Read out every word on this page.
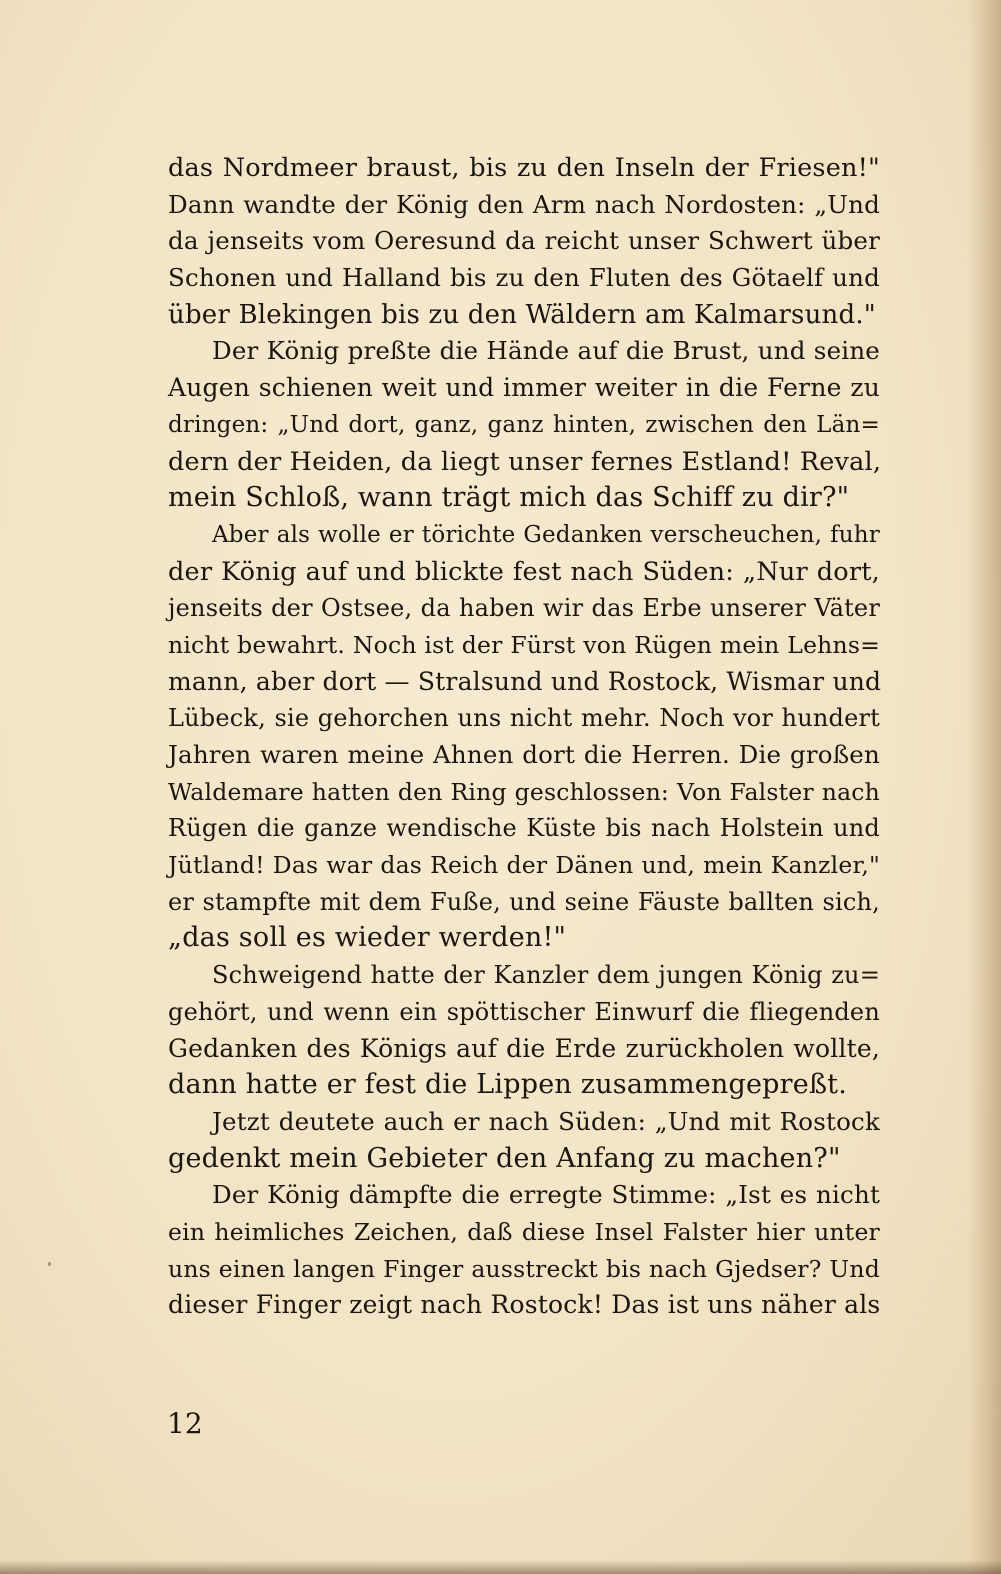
das Nordmeer braust, bis zu den Inseln der Friesen!"
Dann wandte der König den Arm nach Nordosten: „Und
da jenseits vom Oeresund da reicht unser Schwert über
Schonen und Halland bis zu den Fluten des Götaelf und
über Blekingen bis zu den Wäldern am Kalmarsund."
Der König preßte die Hände auf die Brust, und seine
Augen schienen weit und immer weiter in die Ferne zu
dringen: „Und dort, ganz, ganz hinten, zwischen den Län=
dern der Heiden, da liegt unser fernes Estland! Reval,
mein Schloß, wann trägt mich das Schiff zu dir?"
Aber als wolle er törichte Gedanken verscheuchen, fuhr
der König auf und blickte fest nach Süden: „Nur dort,
jenseits der Ostsee, da haben wir das Erbe unserer Väter
nicht bewahrt. Noch ist der Fürst von Rügen mein Lehns=
mann, aber dort — Stralsund und Rostock, Wismar und
Lübeck, sie gehorchen uns nicht mehr. Noch vor hundert
Jahren waren meine Ahnen dort die Herren. Die großen
Waldemare hatten den Ring geschlossen: Von Falster nach
Rügen die ganze wendische Küste bis nach Holstein und
Jütland! Das war das Reich der Dänen und, mein Kanzler,"
er stampfte mit dem Fuße, und seine Fäuste ballten sich,
„das soll es wieder werden!"
Schweigend hatte der Kanzler dem jungen König zu=
gehört, und wenn ein spöttischer Einwurf die fliegenden
Gedanken des Königs auf die Erde zurückholen wollte,
dann hatte er fest die Lippen zusammengepreßt.
Jetzt deutete auch er nach Süden: „Und mit Rostock
gedenkt mein Gebieter den Anfang zu machen?"
Der König dämpfte die erregte Stimme: „Ist es nicht
ein heimliches Zeichen, daß diese Insel Falster hier unter
uns einen langen Finger ausstreckt bis nach Gjedser? Und
dieser Finger zeigt nach Rostock! Das ist uns näher als
12
